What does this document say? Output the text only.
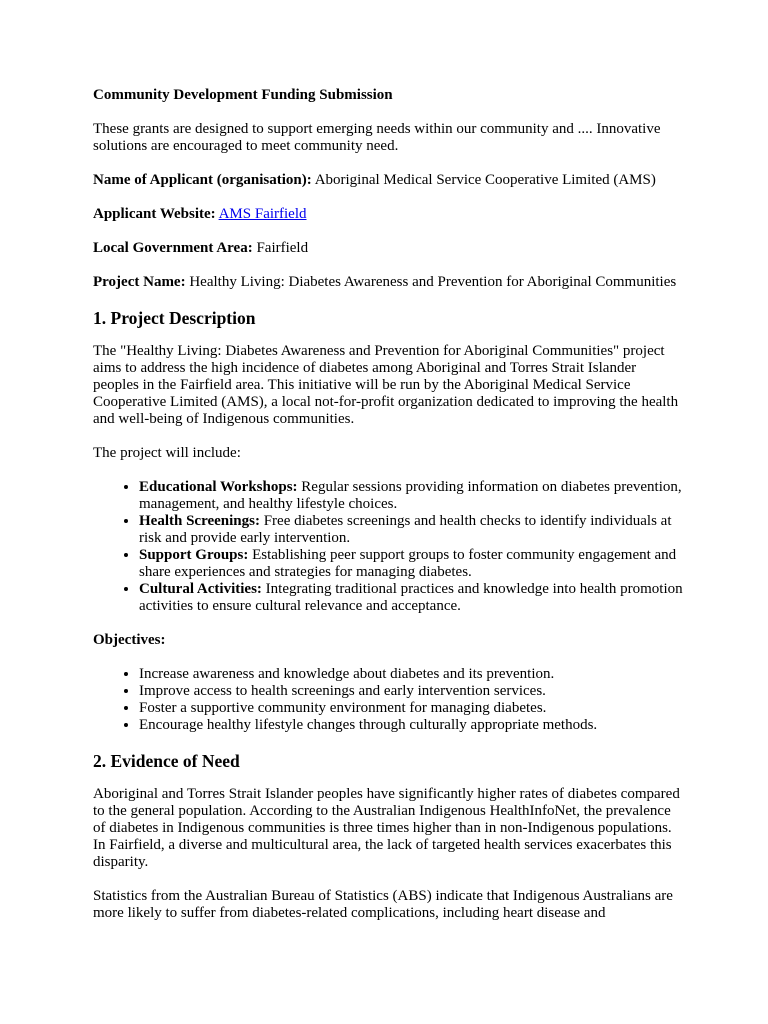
Community Development Funding Submission

These grants are designed to support emerging needs within our community and .... Innovative solutions are encouraged to meet community need.

Name of Applicant (organisation): Aboriginal Medical Service Cooperative Limited (AMS)

Applicant Website: AMS Fairfield

Local Government Area: Fairfield

Project Name: Healthy Living: Diabetes Awareness and Prevention for Aboriginal Communities

1. Project Description

The "Healthy Living: Diabetes Awareness and Prevention for Aboriginal Communities" project aims to address the high incidence of diabetes among Aboriginal and Torres Strait Islander peoples in the Fairfield area. This initiative will be run by the Aboriginal Medical Service Cooperative Limited (AMS), a local not-for-profit organization dedicated to improving the health and well-being of Indigenous communities.

The project will include:

• Educational Workshops: Regular sessions providing information on diabetes prevention, management, and healthy lifestyle choices.
• Health Screenings: Free diabetes screenings and health checks to identify individuals at risk and provide early intervention.
• Support Groups: Establishing peer support groups to foster community engagement and share experiences and strategies for managing diabetes.
• Cultural Activities: Integrating traditional practices and knowledge into health promotion activities to ensure cultural relevance and acceptance.

Objectives:

• Increase awareness and knowledge about diabetes and its prevention.
• Improve access to health screenings and early intervention services.
• Foster a supportive community environment for managing diabetes.
• Encourage healthy lifestyle changes through culturally appropriate methods.
2. Evidence of Need

Aboriginal and Torres Strait Islander peoples have significantly higher rates of diabetes compared to the general population. According to the Australian Indigenous HealthInfoNet, the prevalence of diabetes in Indigenous communities is three times higher than in non-Indigenous populations. In Fairfield, a diverse and multicultural area, the lack of targeted health services exacerbates this disparity.

Statistics from the Australian Bureau of Statistics (ABS) indicate that Indigenous Australians are more likely to suffer from diabetes-related complications, including heart disease and
